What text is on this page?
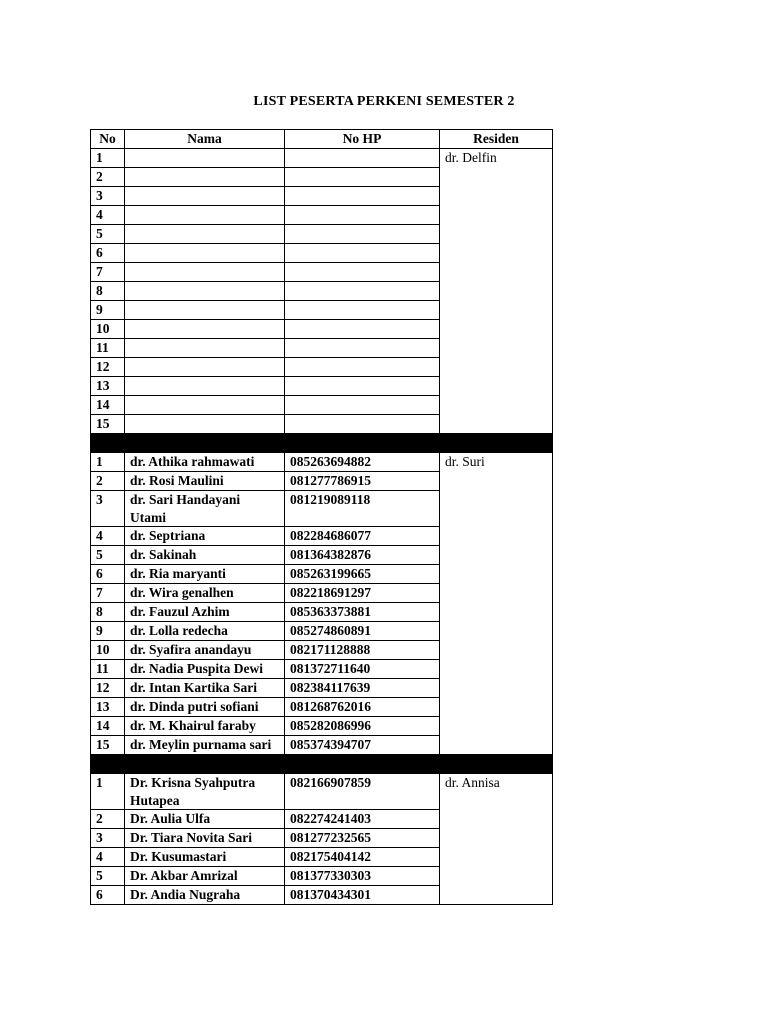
LIST PESERTA PERKENI SEMESTER 2
No	Nama	No HP	Residen
1			dr. Delfin
2			
3			
4			
5			
6			
7			
8			
9			
10			
11			
12			
13			
14			
15			

1	dr. Athika rahmawati	085263694882	dr. Suri
2	dr. Rosi Maulini	081277786915	
3	dr. Sari Handayani Utami	081219089118	
4	dr. Septriana	082284686077	
5	dr. Sakinah	081364382876	
6	dr. Ria maryanti	085263199665	
7	dr. Wira genalhen	082218691297	
8	dr. Fauzul Azhim	085363373881	
9	dr. Lolla redecha	085274860891	
10	dr. Syafira anandayu	082171128888	
11	dr. Nadia Puspita Dewi	081372711640	
12	dr. Intan Kartika Sari	082384117639	
13	dr. Dinda putri sofiani	081268762016	
14	dr. M. Khairul faraby	085282086996	
15	dr. Meylin purnama sari	085374394707	

1	Dr. Krisna Syahputra Hutapea	082166907859	dr. Annisa
2	Dr. Aulia Ulfa	082274241403	
3	Dr. Tiara Novita Sari	081277232565	
4	Dr. Kusumastari	082175404142	
5	Dr. Akbar Amrizal	081377330303	
6	Dr. Andia Nugraha	081370434301	
